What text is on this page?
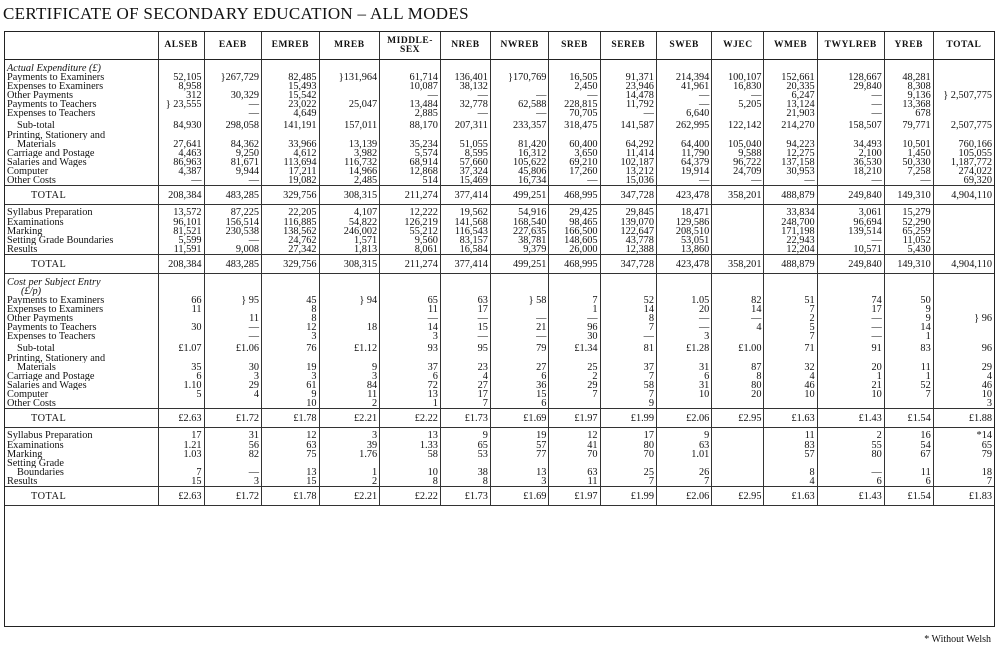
CERTIFICATE OF SECONDARY EDUCATION – ALL MODES
	ALSEB	EAEB	EMREB	MREB	MIDDLE-SEX	NREB	NWREB	SREB	SEREB	SWEB	WJEC	WMEB	TWYLREB	YREB	TOTAL
Actual Expenditure (£)															
Payments to Examiners	52,105	}267,729	82,485	}131,964	61,714	136,401	}170,769	16,505	91,371	214,394	100,107	152,661	128,667	48,281	
Expenses to Examiners	8,958		15,493		10,087	38,132		2,450	23,946	41,961	16,830	20,335	29,840	8,308	
Other Payments	312	30,329	15,542		—	—	—	—	14,478	—	—	6,247	—	9,136	} 2,507,775
Payments to Teachers	} 23,555	—	23,022	25,047	13,484	32,778	62,588	228,815	11,792	—	5,205	13,124	—	13,368	
Expenses to Teachers		—	4,649		2,885	—	—	70,705	—	6,640		21,903	—	678	
Sub-total	84,930	298,058	141,191	157,011	88,170	207,311	233,357	318,475	141,587	262,995	122,142	214,270	158,507	79,771	2,507,775
Printing, Stationery and															
Materials	27,641	84,362	33,966	13,139	35,234	51,055	81,420	60,400	64,292	64,400	105,040	94,223	34,493	10,501	760,166
Carriage and Postage	4,463	9,250	4,612	3,982	5,574	8,595	16,312	3,650	11,414	11,790	9,588	12,275	2,100	1,450	105,055
Salaries and Wages	86,963	81,671	113,694	116,732	68,914	57,660	105,622	69,210	102,187	64,379	96,722	137,158	36,530	50,330	1,187,772
Computer	4,387	9,944	17,211	14,966	12,868	37,324	45,806	17,260	13,212	19,914	24,709	30,953	18,210	7,258	274,022
Other Costs	—	—	19,082	2,485	514	15,469	16,734	—	15,036	—	—	—	—	—	69,320
TOTAL	208,384	483,285	329,756	308,315	211,274	377,414	499,251	468,995	347,728	423,478	358,201	488,879	249,840	149,310	4,904,110
Syllabus Preparation	13,572	87,225	22,205	4,107	12,222	19,562	54,916	29,425	29,845	18,471		33,834	3,061	15,279	
Examinations	96,101	156,514	116,885	54,822	126,219	141,568	168,540	98,465	139,070	129,586		248,700	96,694	52,290	
Marking	81,521	230,538	138,562	246,002	55,212	116,543	227,635	166,500	122,647	208,510		171,198	139,514	65,259	
Setting Grade Boundaries	5,599	—	24,762	1,571	9,560	83,157	38,781	148,605	43,778	53,051		22,943	—	11,052	
Results	11,591	9,008	27,342	1,813	8,061	16,584	9,379	26,000	12,388	13,860		12,204	10,571	5,430	
TOTAL	208,384	483,285	329,756	308,315	211,274	377,414	499,251	468,995	347,728	423,478	358,201	488,879	249,840	149,310	4,904,110
Cost per Subject Entry															
(£/p)															
Payments to Examiners	66	} 95	45	} 94	65	63	} 58	7	52	1.05	82	51	74	50	
Expenses to Examiners	11		8		11	17		1	14	20	14	7	17	9	
Other Payments		11	8		—	—	—	—	8	—	—	2	—	9	} 96
Payments to Teachers	30	—	12	18	14	15	21	96	7	—	4	5	—	14	
Expenses to Teachers		—	3		3	—	—	30	—	3		7	—	1	
Sub-total	£1.07	£1.06	76	£1.12	93	95	79	£1.34	81	£1.28	£1.00	71	91	83	96
Printing, Stationery and															
Materials	35	30	19	9	37	23	27	25	37	31	87	32	20	11	29
Carriage and Postage	6	3	3	3	6	4	6	2	7	6	8	4	1	1	4
Salaries and Wages	1.10	29	61	84	72	27	36	29	58	31	80	46	21	52	46
Computer	5	4	9	11	13	17	15	7	7	10	20	10	10	7	10
Other Costs			10	2	1	7	6		9						3
TOTAL	£2.63	£1.72	£1.78	£2.21	£2.22	£1.73	£1.69	£1.97	£1.99	£2.06	£2.95	£1.63	£1.43	£1.54	£1.88
Syllabus Preparation	17	31	12	3	13	9	19	12	17	9		11	2	16	*14
Examinations	1.21	56	63	39	1.33	65	57	41	80	63		83	55	54	65
Marking	1.03	82	75	1.76	58	53	77	70	70	1.01		57	80	67	79
Setting Grade															
Boundaries	7	—	13	1	10	38	13	63	25	26		8	—	11	18
Results	15	3	15	2	8	8	3	11	7	7		4	6	6	7
TOTAL	£2.63	£1.72	£1.78	£2.21	£2.22	£1.73	£1.69	£1.97	£1.99	£2.06	£2.95	£1.63	£1.43	£1.54	£1.83
* Without Welsh
